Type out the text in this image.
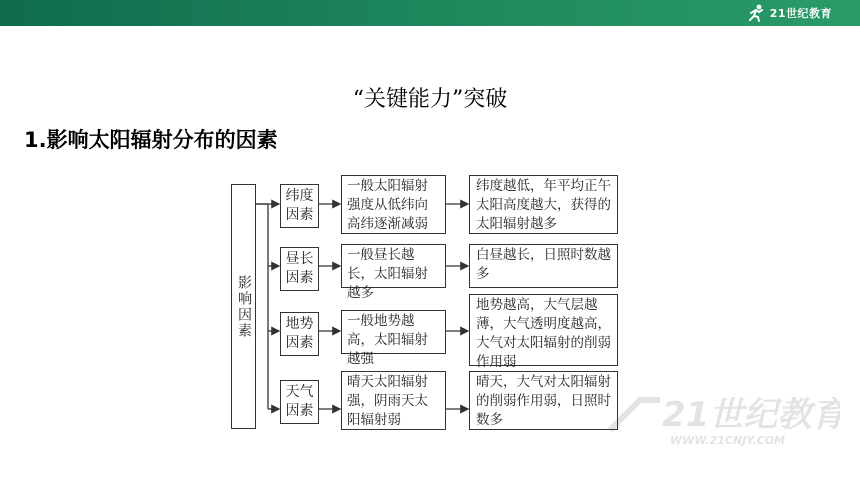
21世纪教育
“关键能力”突破
1.影响太阳辐射分布的因素
影响因素
纬度因素
一般太阳辐射强度从低纬向高纬逐渐减弱
纬度越低，年平均正午太阳高度越大，获得的太阳辐射越多
昼长因素
一般昼长越长，太阳辐射越多
白昼越长，日照时数越多
地势因素
一般地势越高，太阳辐射越强
地势越高，大气层越薄，大气透明度越高，大气对太阳辐射的削弱作用弱
天气因素
晴天太阳辐射强，阴雨天太阳辐射弱
晴天，大气对太阳辐射的削弱作用弱，日照时数多	21世纪教育
WWW.21CNJY.COM
